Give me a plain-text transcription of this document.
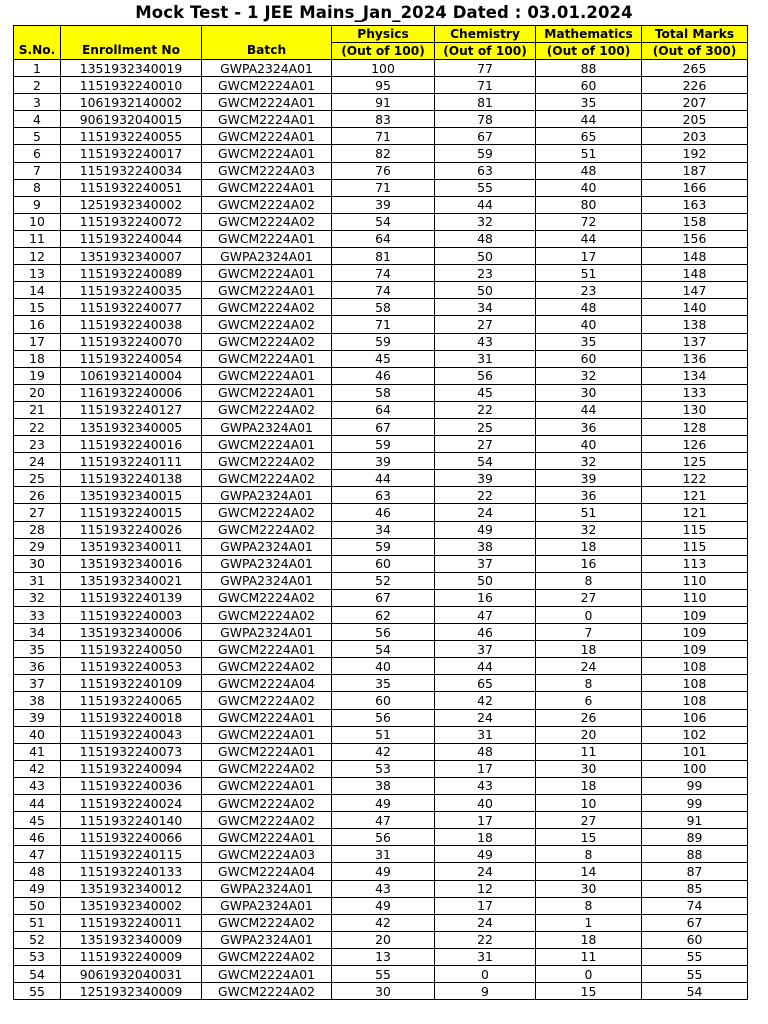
Mock Test - 1 JEE Mains_Jan_2024 Dated : 03.01.2024
S.No.	Enrollment No	Batch	Physics	Chemistry	Mathematics	Total Marks
			(Out of 100)	(Out of 100)	(Out of 100)	(Out of 300)
1	1351932340019	GWPA2324A01	100	77	88	265
2	1151932240010	GWCM2224A01	95	71	60	226
3	1061932140002	GWCM2224A01	91	81	35	207
4	9061932040015	GWCM2224A01	83	78	44	205
5	1151932240055	GWCM2224A01	71	67	65	203
6	1151932240017	GWCM2224A01	82	59	51	192
7	1151932240034	GWCM2224A03	76	63	48	187
8	1151932240051	GWCM2224A01	71	55	40	166
9	1251932340002	GWCM2224A02	39	44	80	163
10	1151932240072	GWCM2224A02	54	32	72	158
11	1151932240044	GWCM2224A01	64	48	44	156
12	1351932340007	GWPA2324A01	81	50	17	148
13	1151932240089	GWCM2224A01	74	23	51	148
14	1151932240035	GWCM2224A01	74	50	23	147
15	1151932240077	GWCM2224A02	58	34	48	140
16	1151932240038	GWCM2224A02	71	27	40	138
17	1151932240070	GWCM2224A02	59	43	35	137
18	1151932240054	GWCM2224A01	45	31	60	136
19	1061932140004	GWCM2224A01	46	56	32	134
20	1161932240006	GWCM2224A01	58	45	30	133
21	1151932240127	GWCM2224A02	64	22	44	130
22	1351932340005	GWPA2324A01	67	25	36	128
23	1151932240016	GWCM2224A01	59	27	40	126
24	1151932240111	GWCM2224A02	39	54	32	125
25	1151932240138	GWCM2224A02	44	39	39	122
26	1351932340015	GWPA2324A01	63	22	36	121
27	1151932240015	GWCM2224A02	46	24	51	121
28	1151932240026	GWCM2224A02	34	49	32	115
29	1351932340011	GWPA2324A01	59	38	18	115
30	1351932340016	GWPA2324A01	60	37	16	113
31	1351932340021	GWPA2324A01	52	50	8	110
32	1151932240139	GWCM2224A02	67	16	27	110
33	1151932240003	GWCM2224A02	62	47	0	109
34	1351932340006	GWPA2324A01	56	46	7	109
35	1151932240050	GWCM2224A01	54	37	18	109
36	1151932240053	GWCM2224A02	40	44	24	108
37	1151932240109	GWCM2224A04	35	65	8	108
38	1151932240065	GWCM2224A02	60	42	6	108
39	1151932240018	GWCM2224A01	56	24	26	106
40	1151932240043	GWCM2224A01	51	31	20	102
41	1151932240073	GWCM2224A01	42	48	11	101
42	1151932240094	GWCM2224A02	53	17	30	100
43	1151932240036	GWCM2224A01	38	43	18	99
44	1151932240024	GWCM2224A02	49	40	10	99
45	1151932240140	GWCM2224A02	47	17	27	91
46	1151932240066	GWCM2224A01	56	18	15	89
47	1151932240115	GWCM2224A03	31	49	8	88
48	1151932240133	GWCM2224A04	49	24	14	87
49	1351932340012	GWPA2324A01	43	12	30	85
50	1351932340002	GWPA2324A01	49	17	8	74
51	1151932240011	GWCM2224A02	42	24	1	67
52	1351932340009	GWPA2324A01	20	22	18	60
53	1151932240009	GWCM2224A02	13	31	11	55
54	9061932040031	GWCM2224A01	55	0	0	55
55	1251932340009	GWCM2224A02	30	9	15	54
